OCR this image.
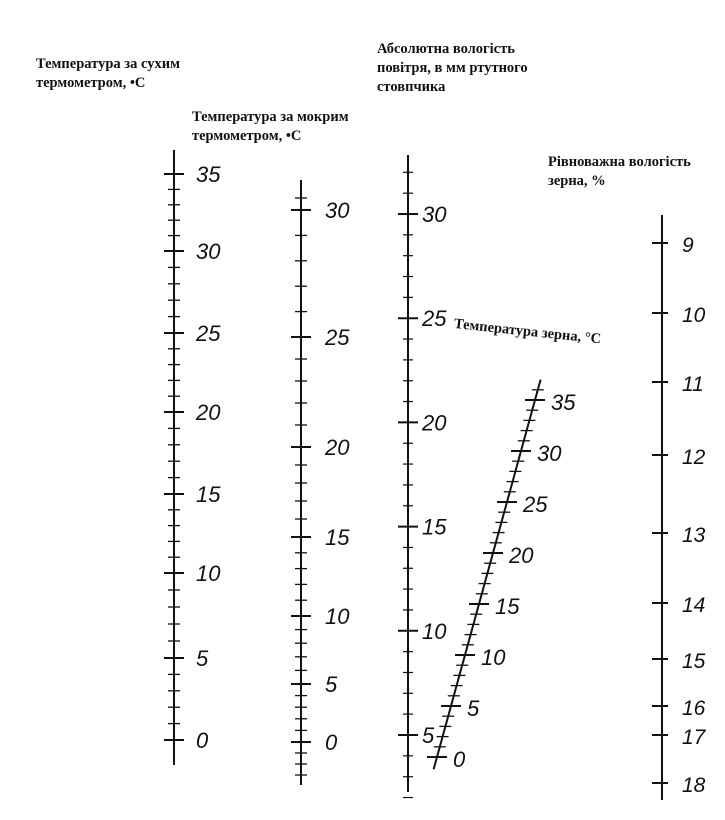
Температура за сухим
термометром, •С
Температура за мокрим
термометром, •С
Абсолютна вологість
повітря, в мм ртутного
стовпчика
Рівноважна вологість
зерна, %
Температура зерна, °С
35
30
25
20
15
10
5
0
30
25
20
15
10
5
0
30
25
20
15
10
5
35
30
25
20
15
10
5
0
9
10
11
12
13
14
15
16
17
18
